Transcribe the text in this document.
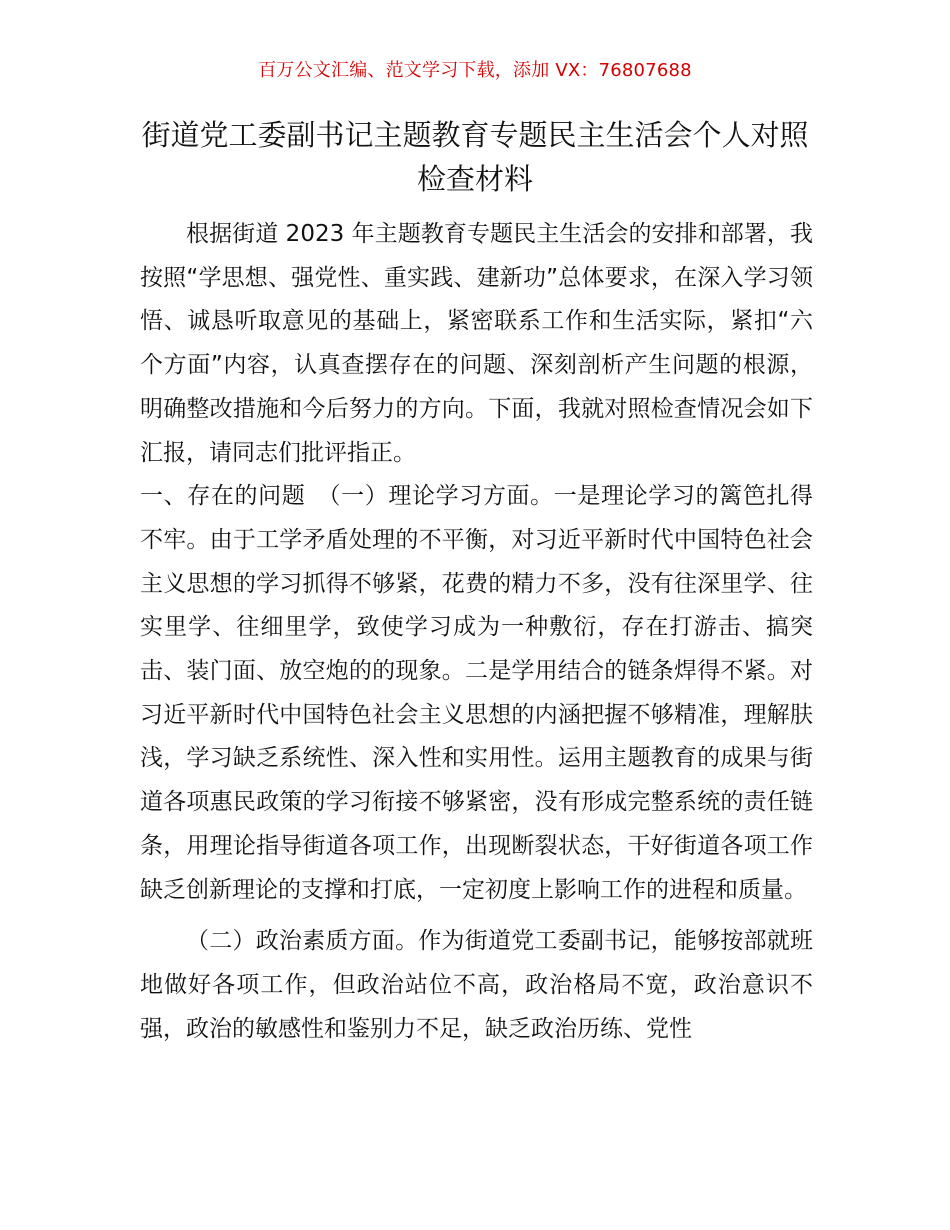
百万公文汇编、范文学习下载，添加 VX：76807688
街道党工委副书记主题教育专题民主生活会个人对照检查材料

根据街道 2023 年主题教育专题民主生活会的安排和部署，我按照“学思想、强党性、重实践、建新功”总体要求，在深入学习领悟、诚恳听取意见的基础上，紧密联系工作和生活实际，紧扣“六个方面”内容，认真查摆存在的问题、深刻剖析产生问题的根源，明确整改措施和今后努力的方向。下面，我就对照检查情况会如下汇报，请同志们批评指正。

一、存在的问题　（一）理论学习方面。一是理论学习的篱笆扎得不牢。由于工学矛盾处理的不平衡，对习近平新时代中国特色社会主义思想的学习抓得不够紧，花费的精力不多，没有往深里学、往实里学、往细里学，致使学习成为一种敷衍，存在打游击、搞突击、装门面、放空炮的的现象。二是学用结合的链条焊得不紧。对习近平新时代中国特色社会主义思想的内涵把握不够精准，理解肤浅，学习缺乏系统性、深入性和实用性。运用主题教育的成果与街道各项惠民政策的学习衔接不够紧密，没有形成完整系统的责任链条，用理论指导街道各项工作，出现断裂状态，干好街道各项工作缺乏创新理论的支撑和打底，一定初度上影响工作的进程和质量。

（二）政治素质方面。作为街道党工委副书记，能够按部就班地做好各项工作，但政治站位不高，政治格局不宽，政治意识不强，政治的敏感性和鉴别力不足，缺乏政治历练、党性
